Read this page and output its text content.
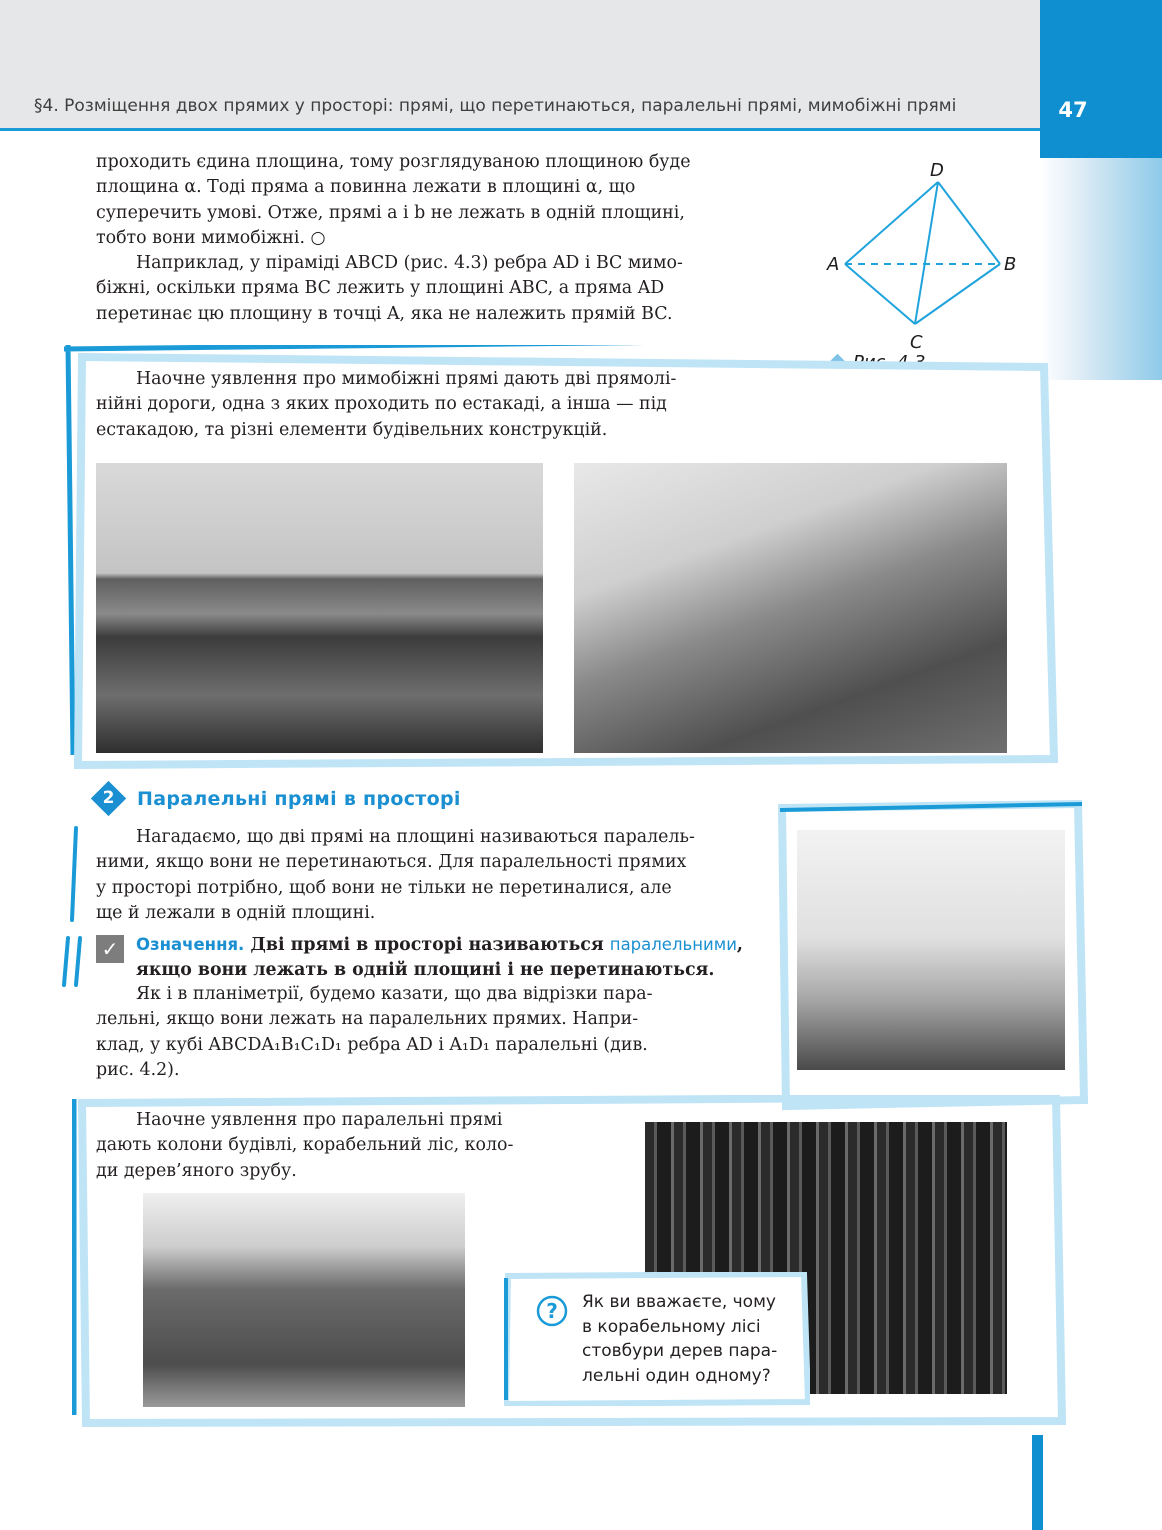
§4. Розміщення двох прямих у просторі: прямі, що перетинаються, паралельні прямі, мимобіжні прямі	47
проходить єдина площина, тому розглядуваною площиною буде
площина α. Тоді пряма a повинна лежати в площині α, що
суперечить умові. Отже, прямі a і b не лежать в одній площині,
тобто вони мимобіжні. ○
Наприклад, у піраміді ABCD (рис. 4.3) ребра AD і BC мимо-
біжні, оскільки пряма BC лежить у площині ABC, а пряма AD
перетинає цю площину в точці A, яка не належить прямій BC.
D
A	B
C
Рис. 4.3
Наочне уявлення про мимобіжні прямі дають дві прямолі-
нійні дороги, одна з яких проходить по естакаді, а інша — під
естакадою, та різні елементи будівельних конструкцій.
2	Паралельні прямі в просторі
Нагадаємо, що дві прямі на площині називаються паралель-
ними, якщо вони не перетинаються. Для паралельності прямих
у просторі потрібно, щоб вони не тільки не перетиналися, але
ще й лежали в одній площині.
✓	Означення. Дві прямі в просторі називаються паралельними,
якщо вони лежать в одній площині і не перетинаються.
Як і в планіметрії, будемо казати, що два відрізки пара-
лельні, якщо вони лежать на паралельних прямих. Напри-
клад, у кубі ABCDA₁B₁C₁D₁ ребра AD і A₁D₁ паралельні (див.
рис. 4.2).
Наочне уявлення про паралельні прямі
дають колони будівлі, корабельний ліс, коло-
ди дерев’яного зрубу.
? Як ви вважаєте, чому
в корабельному лісі
стовбури дерев пара-
лельні один одному?
